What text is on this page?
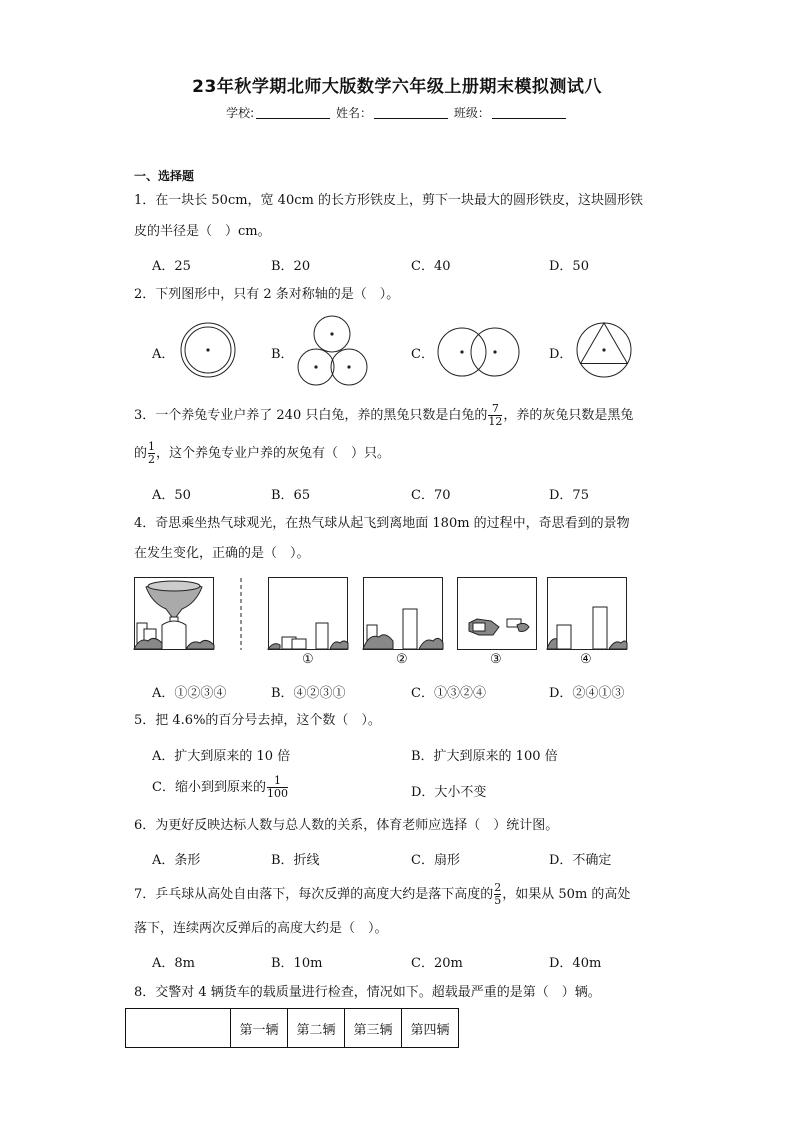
23年秋学期北师大版数学六年级上册期末模拟测试八
学校:	姓名：	班级：
一、选择题
1．在一块长 50cm，宽 40cm 的长方形铁皮上，剪下一块最大的圆形铁皮，这块圆形铁
皮的半径是（　）cm。
A．25	B．20	C．40	D．50
2．下列图形中，只有 2 条对称轴的是（　）。
A．	B．	C．	D．
3．一个养兔专业户养了 240 只白兔，养的黑兔只数是白兔的 $\frac{7}{12}$ ，养的灰兔只数是黑兔
的 $\frac{1}{2}$ ，这个养兔专业户养的灰兔有（　）只。
A．50	B．65	C．70	D．75
4．奇思乘坐热气球观光，在热气球从起飞到离地面 180m 的过程中，奇思看到的景物
在发生变化，正确的是（　）。
①	②	③	④
A．①②③④	B．④②③①	C．①③②④	D．②④①③
5．把 4.6%的百分号去掉，这个数（　）。
A．扩大到原来的 10 倍	B．扩大到原来的 100 倍
C．缩小到到原来的 $\frac{1}{100}$	D．大小不变
6．为更好反映达标人数与总人数的关系，体育老师应选择（　）统计图。
A．条形	B．折线	C．扇形	D．不确定
7．乒乓球从高处自由落下，每次反弹的高度大约是落下高度的 $\frac{2}{5}$ ，如果从 50m 的高处
落下，连续两次反弹后的高度大约是（　）。
A．8m	B．10m	C．20m	D．40m
8．交警对 4 辆货车的载质量进行检查，情况如下。超载最严重的是第（　）辆。
	第一辆	第二辆	第三辆	第四辆
